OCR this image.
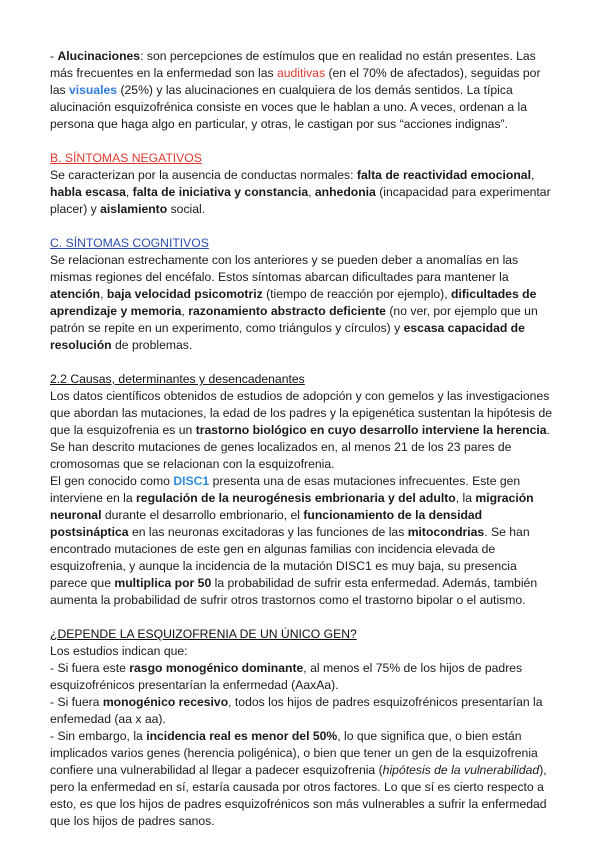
- Alucinaciones: son percepciones de estímulos que en realidad no están presentes. Las más frecuentes en la enfermedad son las auditivas (en el 70% de afectados), seguidas por las visuales (25%) y las alucinaciones en cualquiera de los demás sentidos. La típica alucinación esquizofrénica consiste en voces que le hablan a uno. A veces, ordenan a la persona que haga algo en particular, y otras, le castigan por sus “acciones indignas”.

B. SÍNTOMAS NEGATIVOS

Se caracterizan por la ausencia de conductas normales: falta de reactividad emocional, habla escasa, falta de iniciativa y constancia, anhedonia (incapacidad para experimentar placer) y aislamiento social.

C. SÍNTOMAS COGNITIVOS

Se relacionan estrechamente con los anteriores y se pueden deber a anomalías en las mismas regiones del encéfalo. Estos síntomas abarcan dificultades para mantener la atención, baja velocidad psicomotriz (tiempo de reacción por ejemplo), dificultades de aprendizaje y memoria, razonamiento abstracto deficiente (no ver, por ejemplo que un patrón se repite en un experimento, como triángulos y círculos) y escasa capacidad de resolución de problemas.

2.2 Causas, determinantes y desencadenantes

Los datos científicos obtenidos de estudios de adopción y con gemelos y las investigaciones que abordan las mutaciones, la edad de los padres y la epigenética sustentan la hipótesis de que la esquizofrenia es un trastorno biológico en cuyo desarrollo interviene la herencia. Se han descrito mutaciones de genes localizados en, al menos 21 de los 23 pares de cromosomas que se relacionan con la esquizofrenia.

El gen conocido como DISC1 presenta una de esas mutaciones infrecuentes. Este gen interviene en la regulación de la neurogénesis embrionaria y del adulto, la migración neuronal durante el desarrollo embrionario, el funcionamiento de la densidad postsináptica en las neuronas excitadoras y las funciones de las mitocondrias. Se han encontrado mutaciones de este gen en algunas familias con incidencia elevada de esquizofrenia, y aunque la incidencia de la mutación DISC1 es muy baja, su presencia parece que multiplica por 50 la probabilidad de sufrir esta enfermedad. Además, también aumenta la probabilidad de sufrir otros trastornos como el trastorno bipolar o el autismo.

¿DEPENDE LA ESQUIZOFRENIA DE UN ÚNICO GEN?

Los estudios indican que:

- Si fuera este rasgo monogénico dominante, al menos el 75% de los hijos de padres esquizofrénicos presentarían la enfermedad (AaxAa).

- Si fuera monogénico recesivo, todos los hijos de padres esquizofrénicos presentarían la enfemedad (aa x aa).

- Sin embargo, la incidencia real es menor del 50%, lo que significa que, o bien están implicados varios genes (herencia poligénica), o bien que tener un gen de la esquizofrenia confiere una vulnerabilidad al llegar a padecer esquizofrenia (hipótesis de la vulnerabilidad), pero la enfermedad en sí, estaría causada por otros factores. Lo que sí es cierto respecto a esto, es que los hijos de padres esquizofrénicos son más vulnerables a sufrir la enfermedad que los hijos de padres sanos.
